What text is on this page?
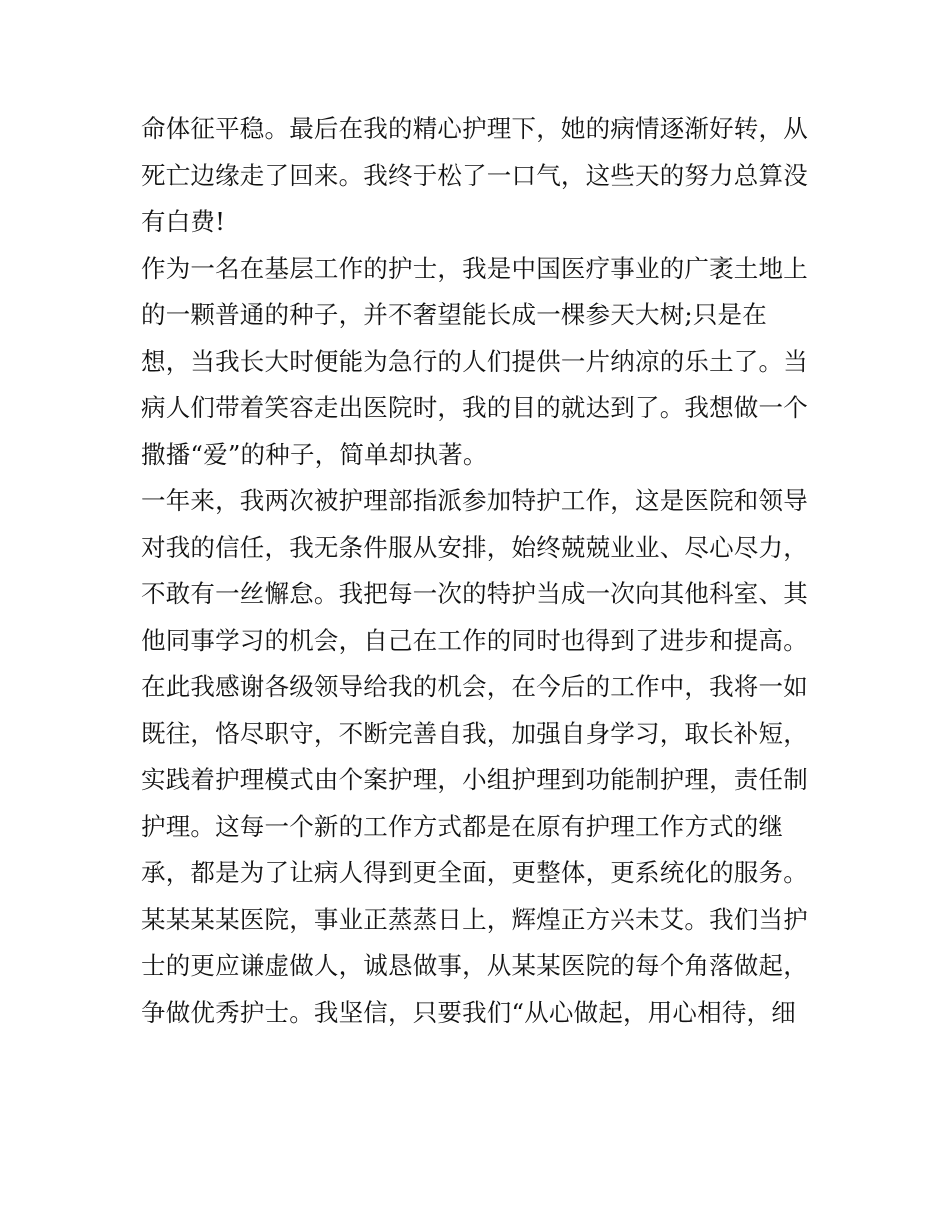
命体征平稳。最后在我的精心护理下，她的病情逐渐好转，从
死亡边缘走了回来。我终于松了一口气，这些天的努力总算没
有白费!
作为一名在基层工作的护士，我是中国医疗事业的广袤土地上
的一颗普通的种子，并不奢望能长成一棵参天大树;只是在
想，当我长大时便能为急行的人们提供一片纳凉的乐土了。当
病人们带着笑容走出医院时，我的目的就达到了。我想做一个
撒播“爱”的种子，简单却执著。
一年来，我两次被护理部指派参加特护工作，这是医院和领导
对我的信任，我无条件服从安排，始终兢兢业业、尽心尽力，
不敢有一丝懈怠。我把每一次的特护当成一次向其他科室、其
他同事学习的机会，自己在工作的同时也得到了进步和提高。
在此我感谢各级领导给我的机会，在今后的工作中，我将一如
既往，恪尽职守，不断完善自我，加强自身学习，取长补短，
实践着护理模式由个案护理，小组护理到功能制护理，责任制
护理。这每一个新的工作方式都是在原有护理工作方式的继
承，都是为了让病人得到更全面，更整体，更系统化的服务。
某某某某医院，事业正蒸蒸日上，辉煌正方兴未艾。我们当护
士的更应谦虚做人，诚恳做事，从某某医院的每个角落做起，
争做优秀护士。我坚信，只要我们“从心做起，用心相待，细
